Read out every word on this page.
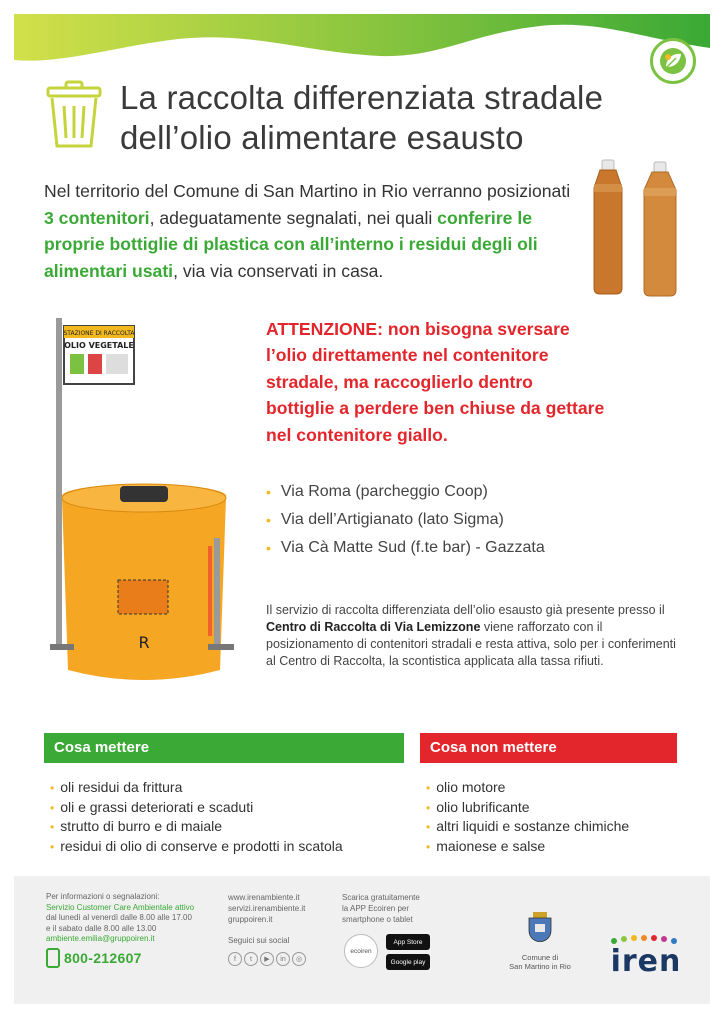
La raccolta differenziata stradale
dell’olio alimentare esausto

Nel territorio del Comune di San Martino in Rio verranno posizionati 3 contenitori, adeguatamente segnalati, nei quali conferire le proprie bottiglie di plastica con all’interno i residui degli oli alimentari usati, via via conservati in casa.

STAZIONE DI RACCOLTA
OLIO VEGETALE
R

ATTENZIONE: non bisogna sversare l’olio direttamente nel contenitore stradale, ma raccoglierlo dentro bottiglie a perdere ben chiuse da gettare nel contenitore giallo.

• Via Roma (parcheggio Coop)
• Via dell’Artigianato (lato Sigma)
• Via Cà Matte Sud (f.te bar) - Gazzata

Il servizio di raccolta differenziata dell’olio esausto già presente presso il Centro di Raccolta di Via Lemizzone viene rafforzato con il posizionamento di contenitori stradali e resta attiva, solo per i conferimenti al Centro di Raccolta, la scontistica applicata alla tassa rifiuti.

Cosa mettere	Cosa non mettere
• oli residui da frittura
• oli e grassi deteriorati e scaduti
• strutto di burro e di maiale
• residui di olio di conserve e prodotti in scatola
• olio motore
• olio lubrificante
• altri liquidi e sostanze chimiche
• maionese e salse
Per informazioni o segnalazioni:
Servizio Customer Care Ambientale attivo
dal lunedì al venerdì dalle 8.00 alle 17.00
e il sabato dalle 8.00 alle 13.00
ambiente.emilia@gruppoiren.it
800-212607
www.irenambiente.it
servizi.irenambiente.it
gruppoiren.it
Seguici sui social
f	t	▶	in	◎
Scarica gratuitamente
la APP Ecoiren per
smartphone o tablet
ecoiren
App Store
Google play
Comune di
San Martino in Rio iren
